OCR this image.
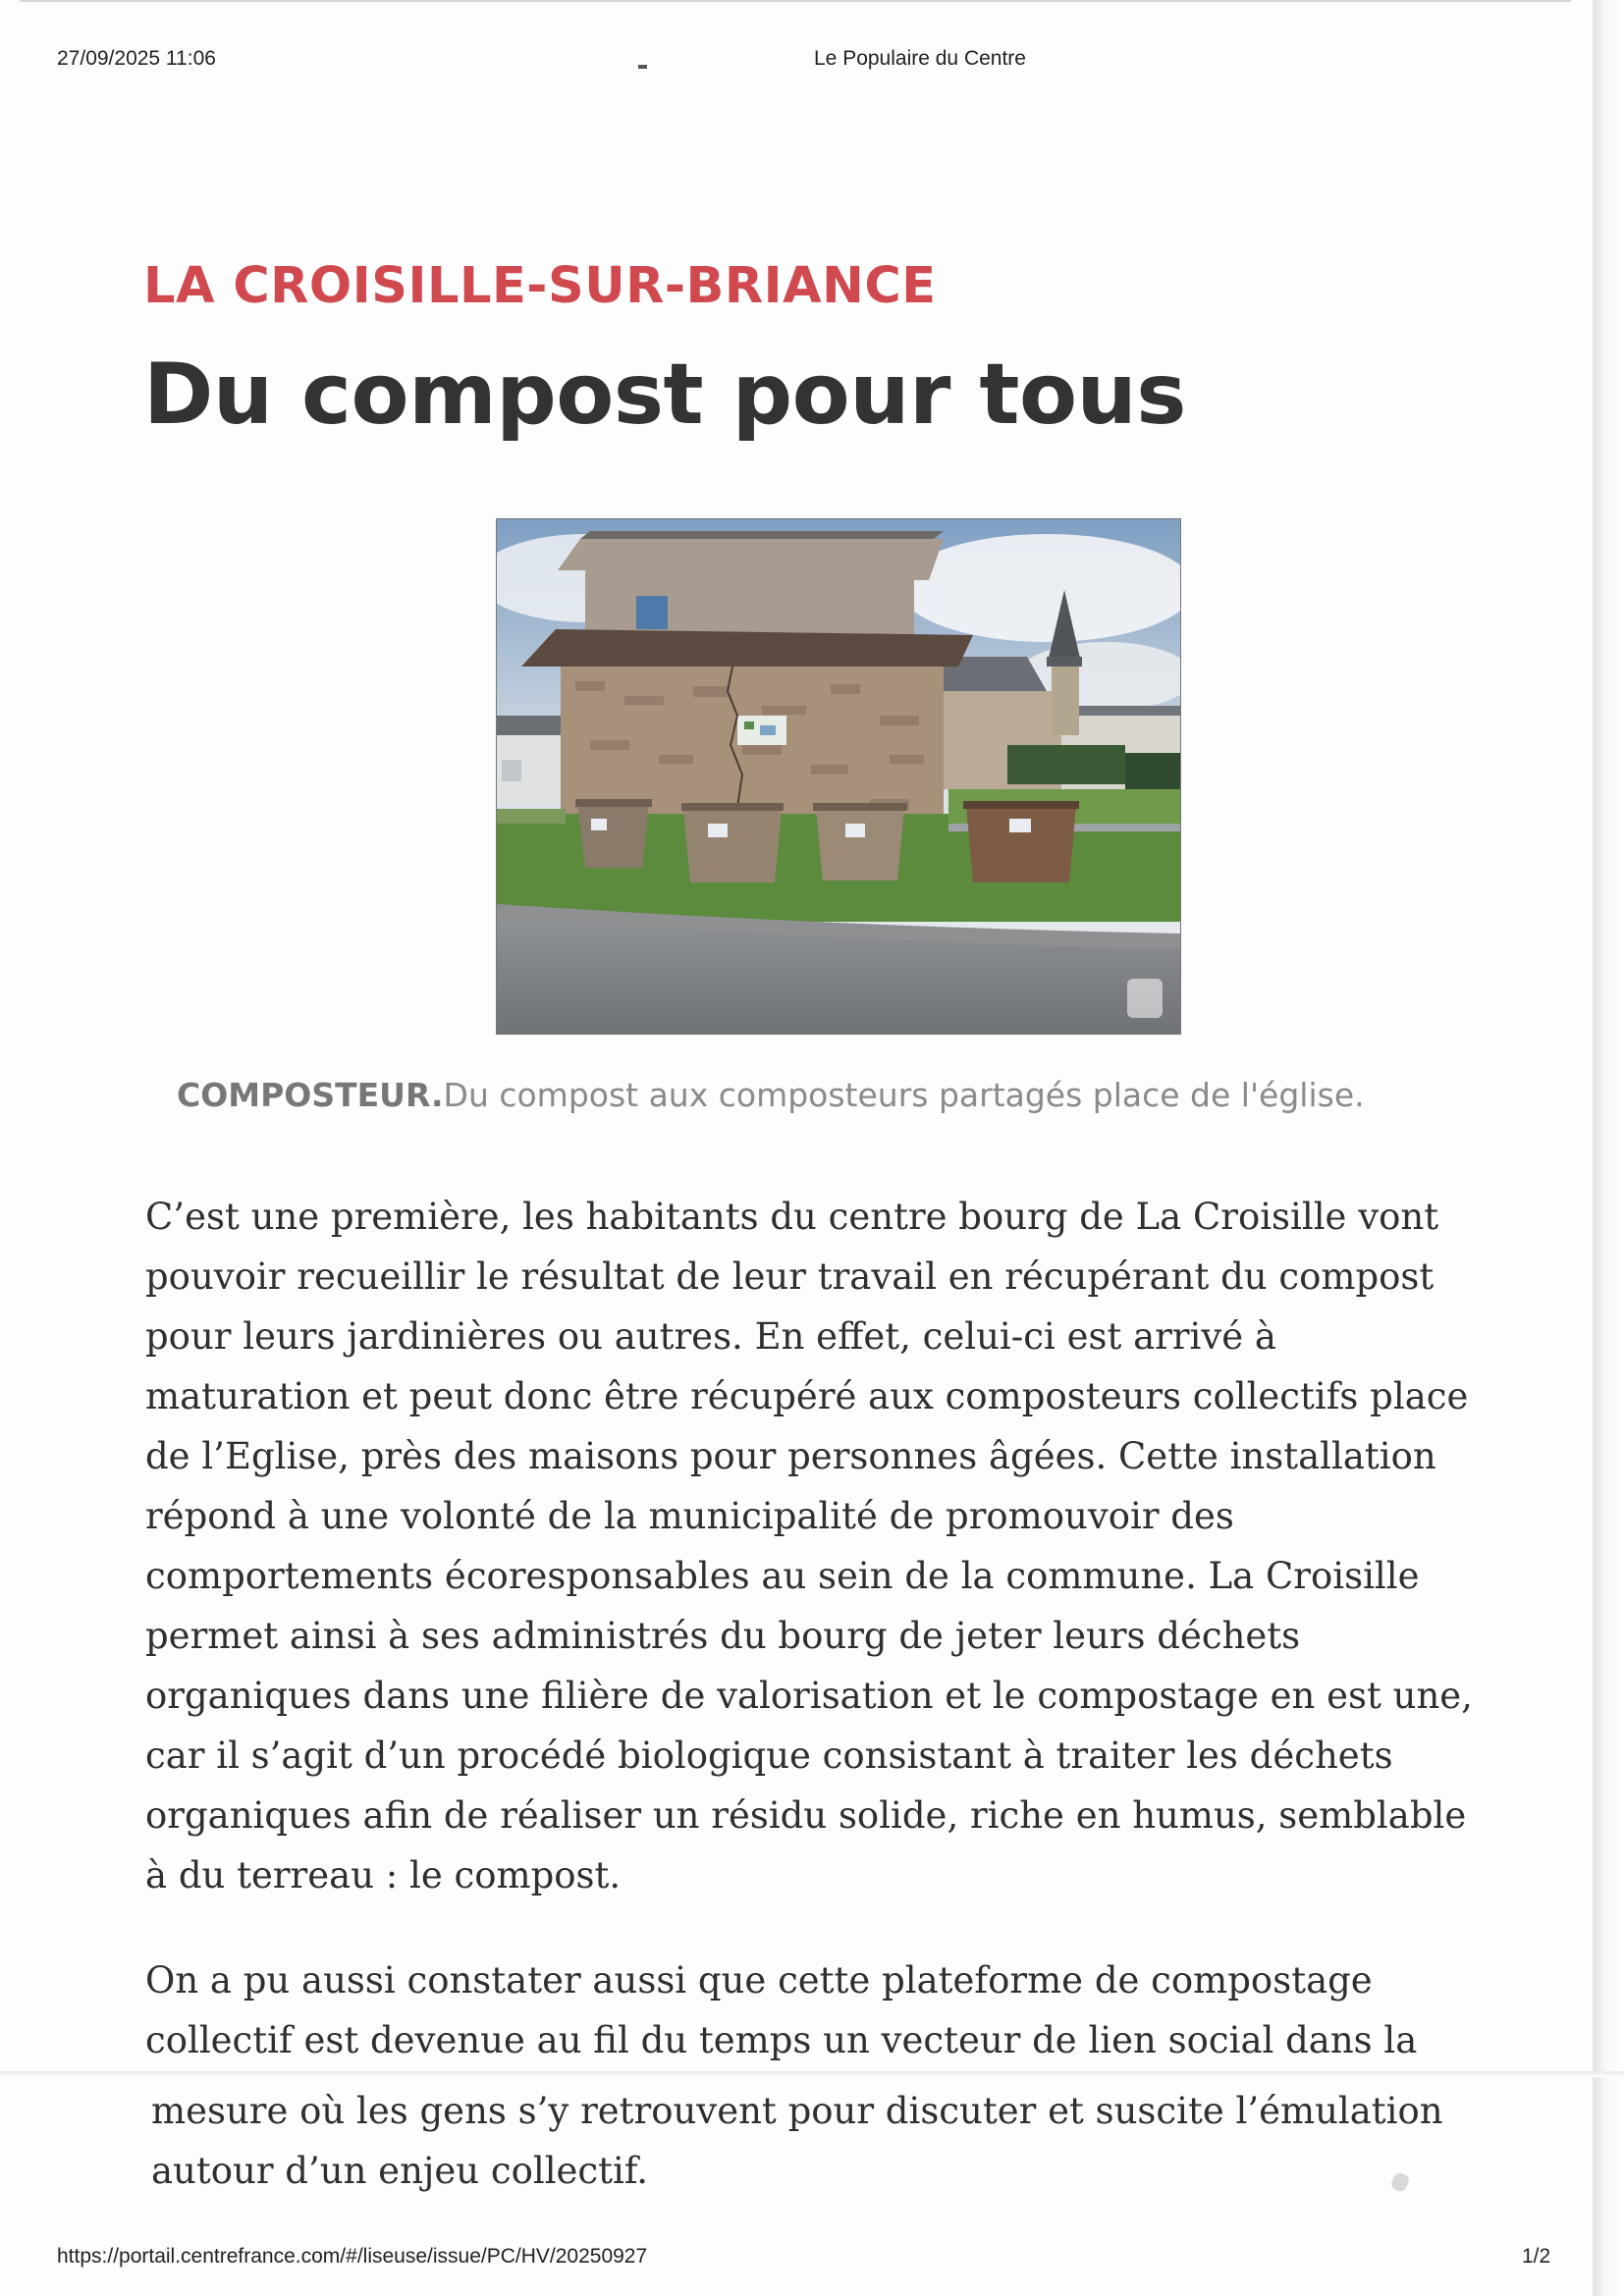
27/09/2025 11:06	Le Populaire du Centre
LA CROISILLE-SUR-BRIANCE
Du compost pour tous
COMPOSTEUR.Du compost aux composteurs partagés place de l'église.
C’est une première, les habitants du centre bourg de La Croisille vont
pouvoir recueillir le résultat de leur travail en récupérant du compost
pour leurs jardinières ou autres. En effet, celui-ci est arrivé à
maturation et peut donc être récupéré aux composteurs collectifs place
de l’Eglise, près des maisons pour personnes âgées. Cette installation
répond à une volonté de la municipalité de promouvoir des
comportements écoresponsables au sein de la commune. La Croisille
permet ainsi à ses administrés du bourg de jeter leurs déchets
organiques dans une filière de valorisation et le compostage en est une,
car il s’agit d’un procédé biologique consistant à traiter les déchets
organiques afin de réaliser un résidu solide, riche en humus, semblable
à du terreau : le compost.
On a pu aussi constater aussi que cette plateforme de compostage
collectif est devenue au fil du temps un vecteur de lien social dans la
mesure où les gens s’y retrouvent pour discuter et suscite l’émulation
autour d’un enjeu collectif.
https://portail.centrefrance.com/#/liseuse/issue/PC/HV/20250927	1/2
